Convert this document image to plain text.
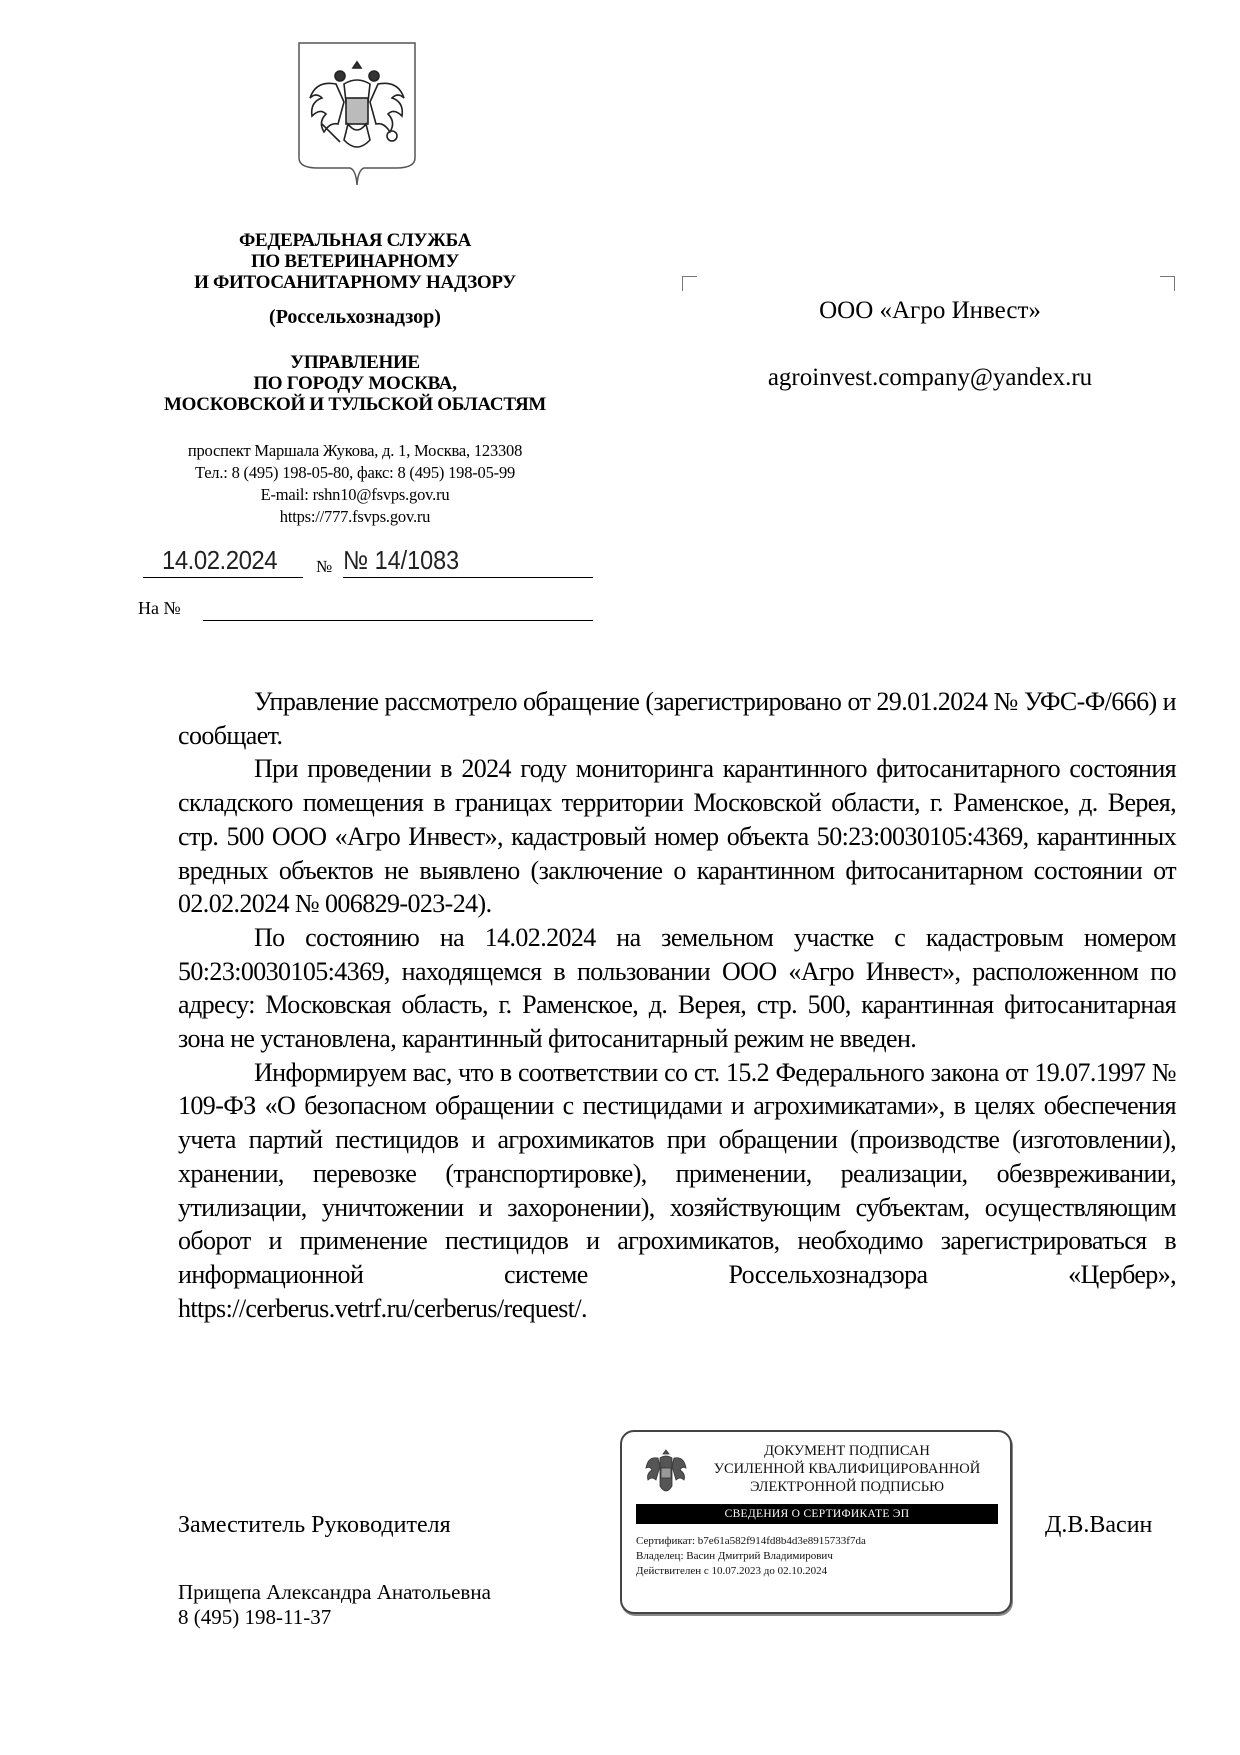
ФЕДЕРАЛЬНАЯ СЛУЖБА
ПО ВЕТЕРИНАРНОМУ
И ФИТОСАНИТАРНОМУ НАДЗОРУ
(Россельхознадзор)
УПРАВЛЕНИЕ
ПО ГОРОДУ МОСКВА,
МОСКОВСКОЙ И ТУЛЬСКОЙ ОБЛАСТЯМ
проспект Маршала Жукова, д. 1, Москва, 123308
Тел.: 8 (495) 198-05-80, факс: 8 (495) 198-05-99
E-mail: rshn10@fsvps.gov.ru
https://777.fsvps.gov.ru
14.02.2024 № № 14/1083
На №
ООО «Агро Инвест»
agroinvest.company@yandex.ru

Управление рассмотрело обращение (зарегистрировано от 29.01.2024 № УФС-Ф/666) и сообщает.

При проведении в 2024 году мониторинга карантинного фитосанитарного состояния складского помещения в границах территории Московской области, г. Раменское, д. Верея, стр. 500 ООО «Агро Инвест», кадастровый номер объекта 50:23:0030105:4369, карантинных вредных объектов не выявлено (заключение о карантинном фитосанитарном состоянии от 02.02.2024 № 006829-023-24).

По состоянию на 14.02.2024 на земельном участке с кадастровым номером 50:23:0030105:4369, находящемся в пользовании ООО «Агро Инвест», расположенном по адресу: Московская область, г. Раменское, д. Верея, стр. 500, карантинная фитосанитарная зона не установлена, карантинный фитосанитарный режим не введен.

Информируем вас, что в соответствии со ст. 15.2 Федерального закона от 19.07.1997 № 109-ФЗ «О безопасном обращении с пестицидами и агрохимикатами», в целях обеспечения учета партий пестицидов и агрохимикатов при обращении (производстве (изготовлении), хранении, перевозке (транспортировке), применении, реализации, обезвреживании, утилизации, уничтожении и захоронении), хозяйствующим субъектам, осуществляющим оборот и применение пестицидов и агрохимикатов, необходимо зарегистрироваться в информационной системе Россельхознадзора «Цербер», https://cerberus.vetrf.ru/cerberus/request/.

Заместитель Руководителя
ДОКУМЕНТ ПОДПИСАН
УСИЛЕННОЙ КВАЛИФИЦИРОВАННОЙ
ЭЛЕКТРОННОЙ ПОДПИСЬЮ
СВЕДЕНИЯ О СЕРТИФИКАТЕ ЭП
Сертификат: b7e61a582f914fd8b4d3e8915733f7da
Владелец: Васин Дмитрий Владимирович
Действителен с 10.07.2023 до 02.10.2024
Д.В.Васин
Прищепа Александра Анатольевна
8 (495) 198-11-37
